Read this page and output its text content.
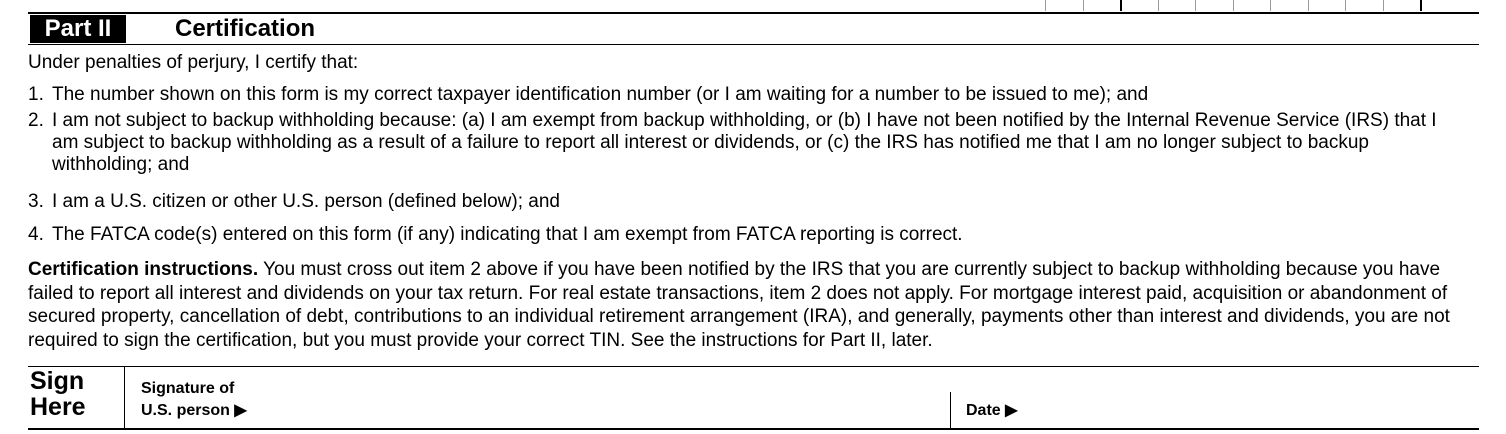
Part II	Certification
Under penalties of perjury, I certify that:
1. The number shown on this form is my correct taxpayer identification number (or I am waiting for a number to be issued to me); and
2. I am not subject to backup withholding because: (a) I am exempt from backup withholding, or (b) I have not been notified by the Internal Revenue Service (IRS) that I am subject to backup withholding as a result of a failure to report all interest or dividends, or (c) the IRS has notified me that I am no longer subject to backup withholding; and
3. I am a U.S. citizen or other U.S. person (defined below); and
4. The FATCA code(s) entered on this form (if any) indicating that I am exempt from FATCA reporting is correct.
Certification instructions. You must cross out item 2 above if you have been notified by the IRS that you are currently subject to backup withholding because you have failed to report all interest and dividends on your tax return. For real estate transactions, item 2 does not apply. For mortgage interest paid, acquisition or abandonment of secured property, cancellation of debt, contributions to an individual retirement arrangement (IRA), and generally, payments other than interest and dividends, you are not required to sign the certification, but you must provide your correct TIN. See the instructions for Part II, later.
Sign
Here
Signature of
U.S. person ▶	Date ▶
